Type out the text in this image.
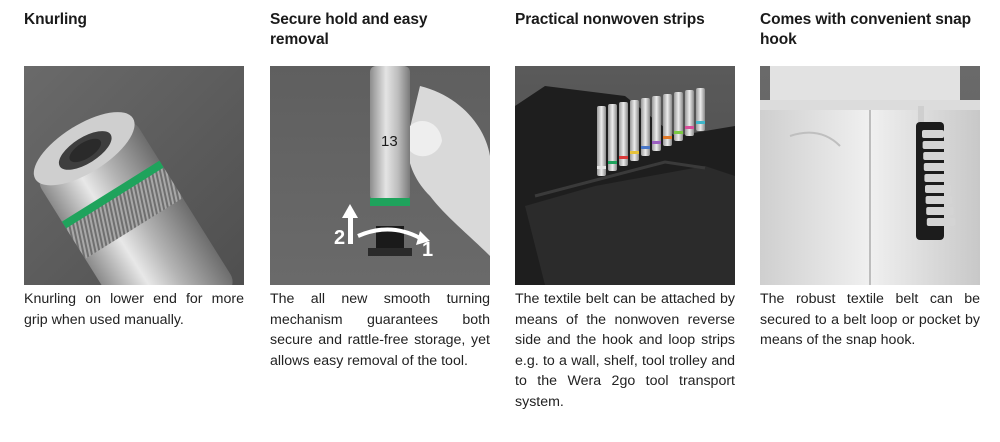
Knurling
Knurling on lower end for more grip when used manually.
Secure hold and easy removal
13
2
1
The all new smooth turning mechanism guarantees both secure and rattle-free storage, yet allows easy removal of the tool.
Practical nonwoven strips
The textile belt can be attached by means of the nonwoven reverse side and the hook and loop strips e.g. to a wall, shelf, tool trolley and to the Wera 2go tool transport system.
Comes with convenient snap hook
The robust textile belt can be secured to a belt loop or pocket by means of the snap hook.
